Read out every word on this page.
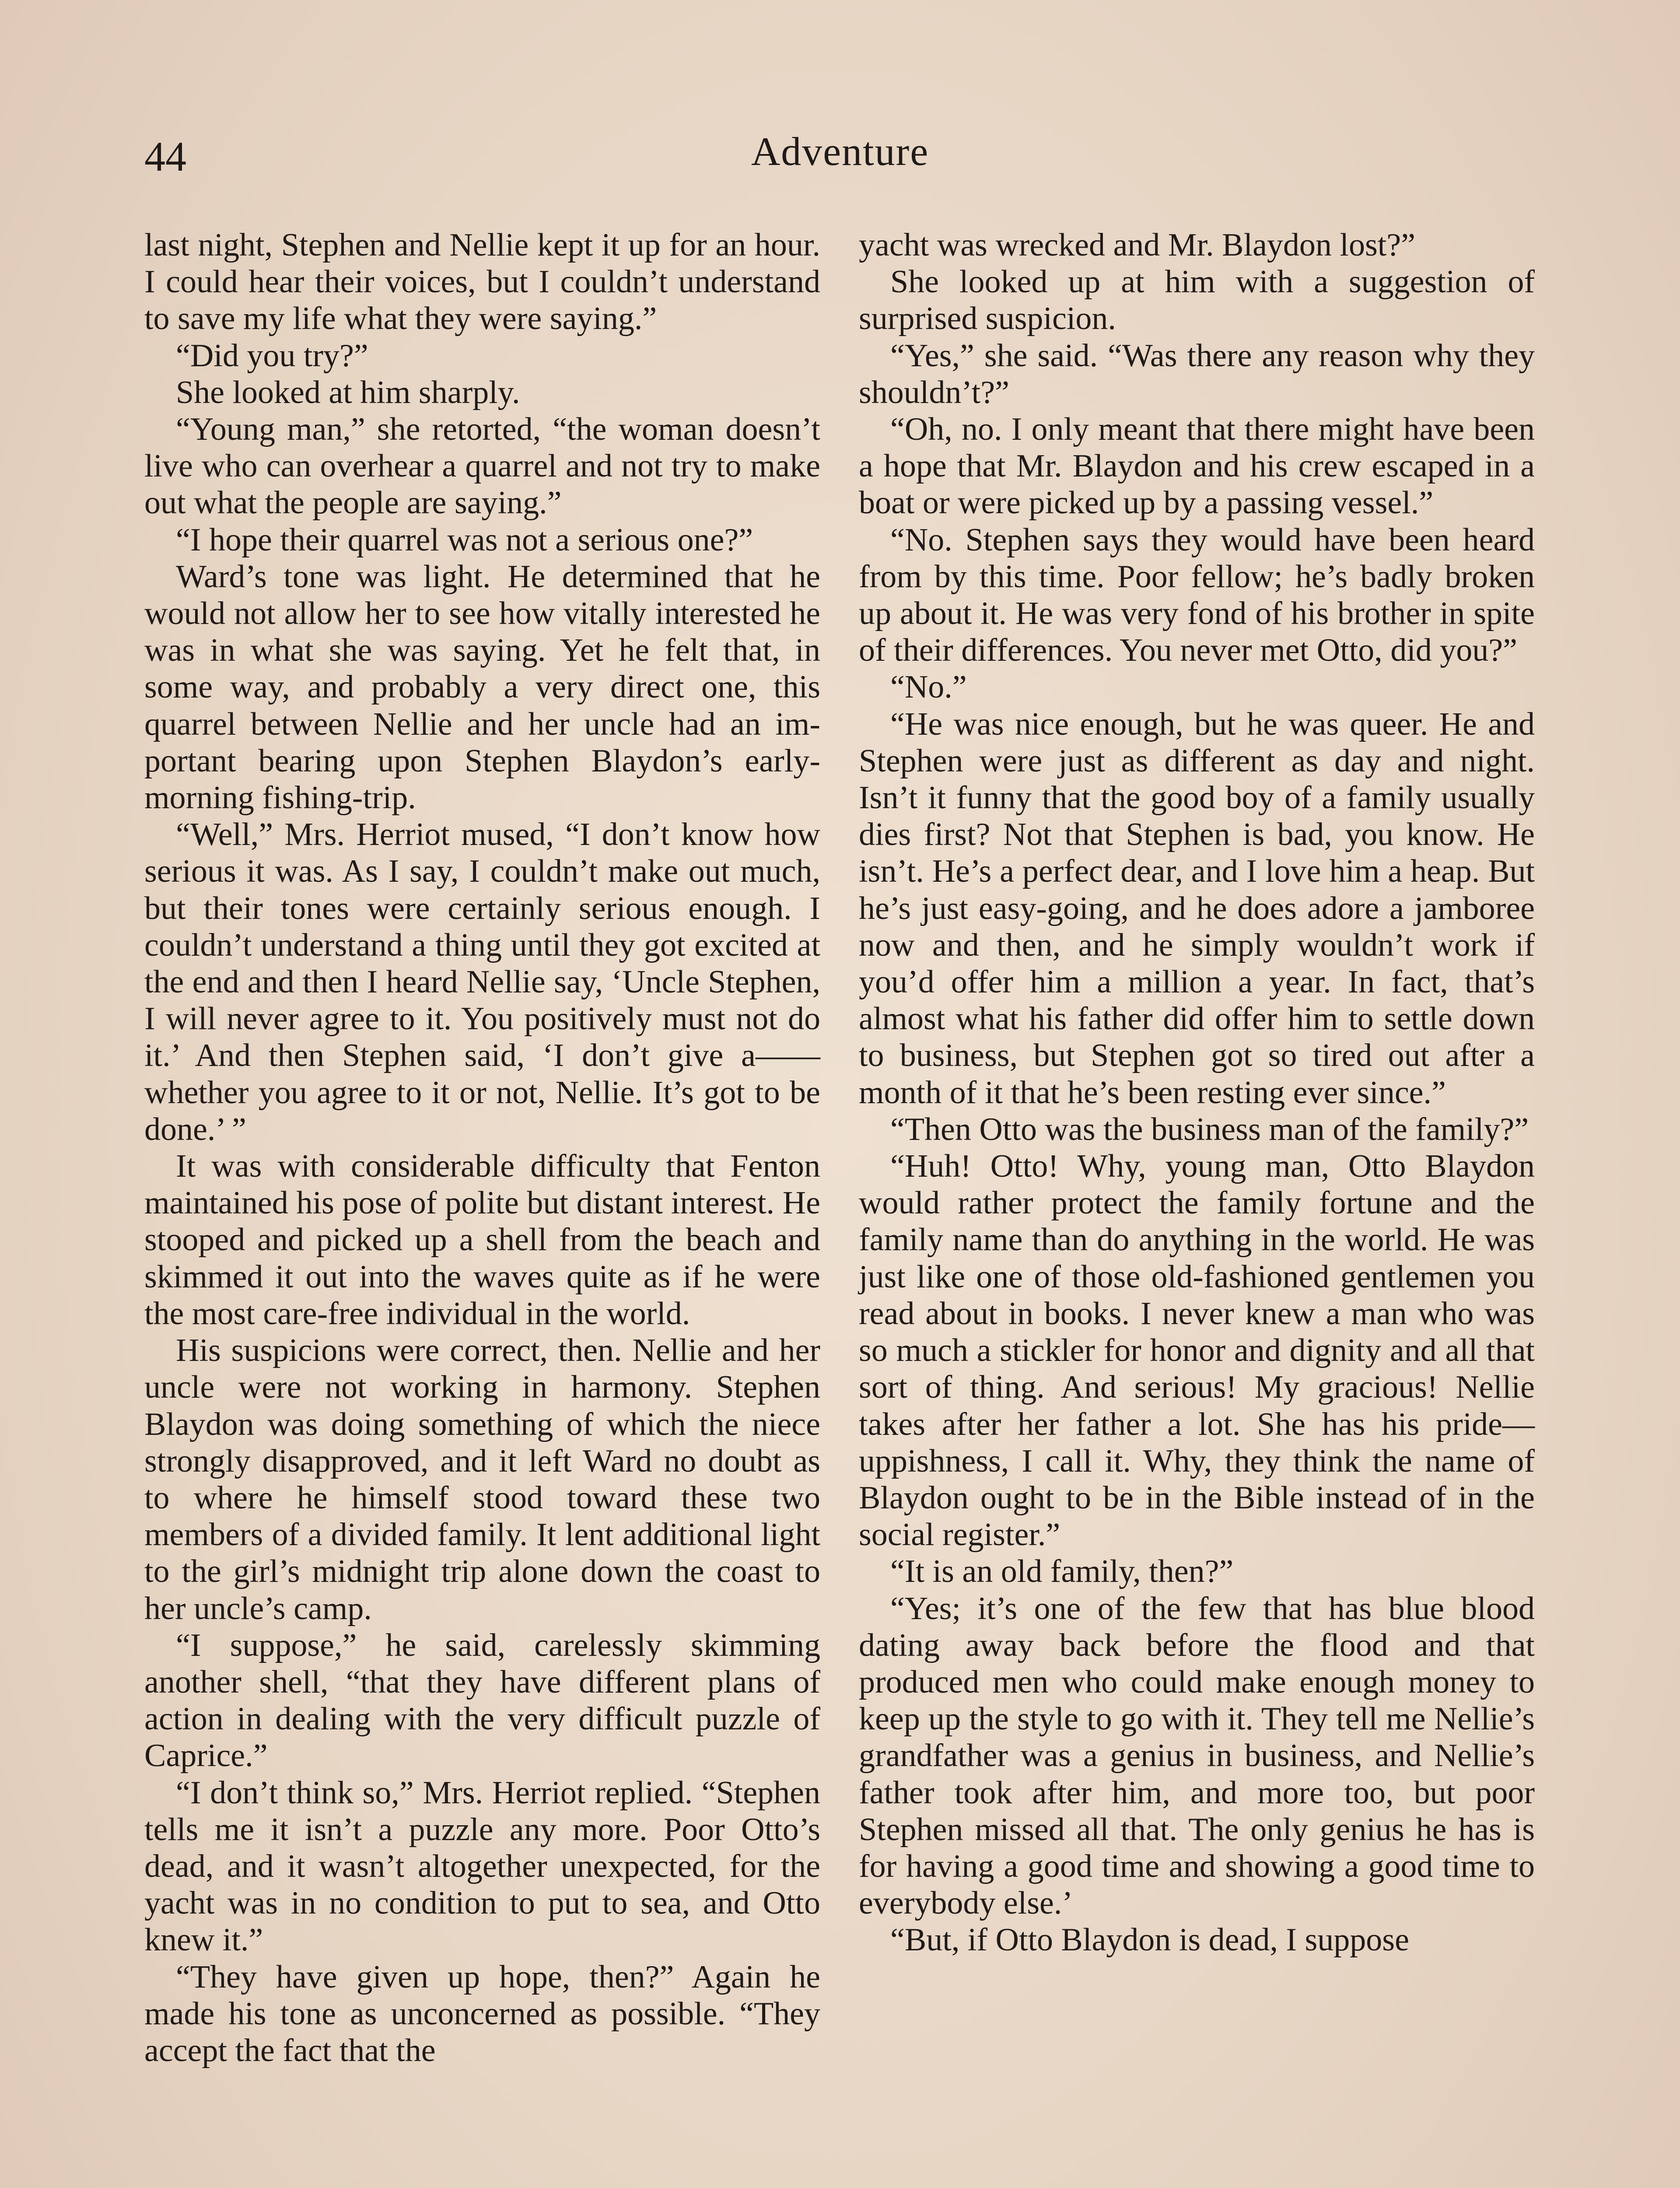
44	Adventure

last night, Stephen and Nellie kept it up for an hour. I could hear their voices, but I couldn’t understand to save my life what they were saying.”

“Did you try?”

She looked at him sharply.

“Young man,” she retorted, “the woman doesn’t live who can overhear a quarrel and not try to make out what the people are saying.”

“I hope their quarrel was not a serious one?”

Ward’s tone was light. He determined that he would not allow her to see how vitally interested he was in what she was saying. Yet he felt that, in some way, and probably a very direct one, this quarrel between Nellie and her uncle had an important bearing upon Stephen Blaydon’s early-morning fishing-trip.

“Well,” Mrs. Herriot mused, “I don’t know how serious it was. As I say, I couldn’t make out much, but their tones were certainly serious enough. I couldn’t understand a thing until they got excited at the end and then I heard Nellie say, ‘Uncle Stephen, I will never agree to it. You positively must not do it.’ And then Stephen said, ‘I don’t give a—— whether you agree to it or not, Nellie. It’s got to be done.’ ”

It was with considerable difficulty that Fenton maintained his pose of polite but distant interest. He stooped and picked up a shell from the beach and skimmed it out into the waves quite as if he were the most care-free individual in the world.

His suspicions were correct, then. Nellie and her uncle were not working in harmony. Stephen Blaydon was doing something of which the niece strongly disapproved, and it left Ward no doubt as to where he himself stood toward these two members of a divided family. It lent additional light to the girl’s midnight trip alone down the coast to her uncle’s camp.

“I suppose,” he said, carelessly skimming another shell, “that they have different plans of action in dealing with the very difficult puzzle of Caprice.”

“I don’t think so,” Mrs. Herriot replied. “Stephen tells me it isn’t a puzzle any more. Poor Otto’s dead, and it wasn’t altogether unexpected, for the yacht was in no condition to put to sea, and Otto knew it.”

“They have given up hope, then?” Again he made his tone as unconcerned as possible. “They accept the fact that the

yacht was wrecked and Mr. Blaydon lost?”

She looked up at him with a suggestion of surprised suspicion.

“Yes,” she said. “Was there any reason why they shouldn’t?”

“Oh, no. I only meant that there might have been a hope that Mr. Blaydon and his crew escaped in a boat or were picked up by a passing vessel.”

“No. Stephen says they would have been heard from by this time. Poor fellow; he’s badly broken up about it. He was very fond of his brother in spite of their differences. You never met Otto, did you?”

“No.”

“He was nice enough, but he was queer. He and Stephen were just as different as day and night. Isn’t it funny that the good boy of a family usually dies first? Not that Stephen is bad, you know. He isn’t. He’s a perfect dear, and I love him a heap. But he’s just easy-going, and he does adore a jamboree now and then, and he simply wouldn’t work if you’d offer him a million a year. In fact, that’s almost what his father did offer him to settle down to business, but Stephen got so tired out after a month of it that he’s been resting ever since.”

“Then Otto was the business man of the family?”

“Huh! Otto! Why, young man, Otto Blaydon would rather protect the family fortune and the family name than do anything in the world. He was just like one of those old-fashioned gentlemen you read about in books. I never knew a man who was so much a stickler for honor and dignity and all that sort of thing. And serious! My gracious! Nellie takes after her father a lot. She has his pride—uppishness, I call it. Why, they think the name of Blaydon ought to be in the Bible instead of in the social register.”

“It is an old family, then?”

“Yes; it’s one of the few that has blue blood dating away back before the flood and that produced men who could make enough money to keep up the style to go with it. They tell me Nellie’s grandfather was a genius in business, and Nellie’s father took after him, and more too, but poor Stephen missed all that. The only genius he has is for having a good time and showing a good time to everybody else.’

“But, if Otto Blaydon is dead, I suppose
